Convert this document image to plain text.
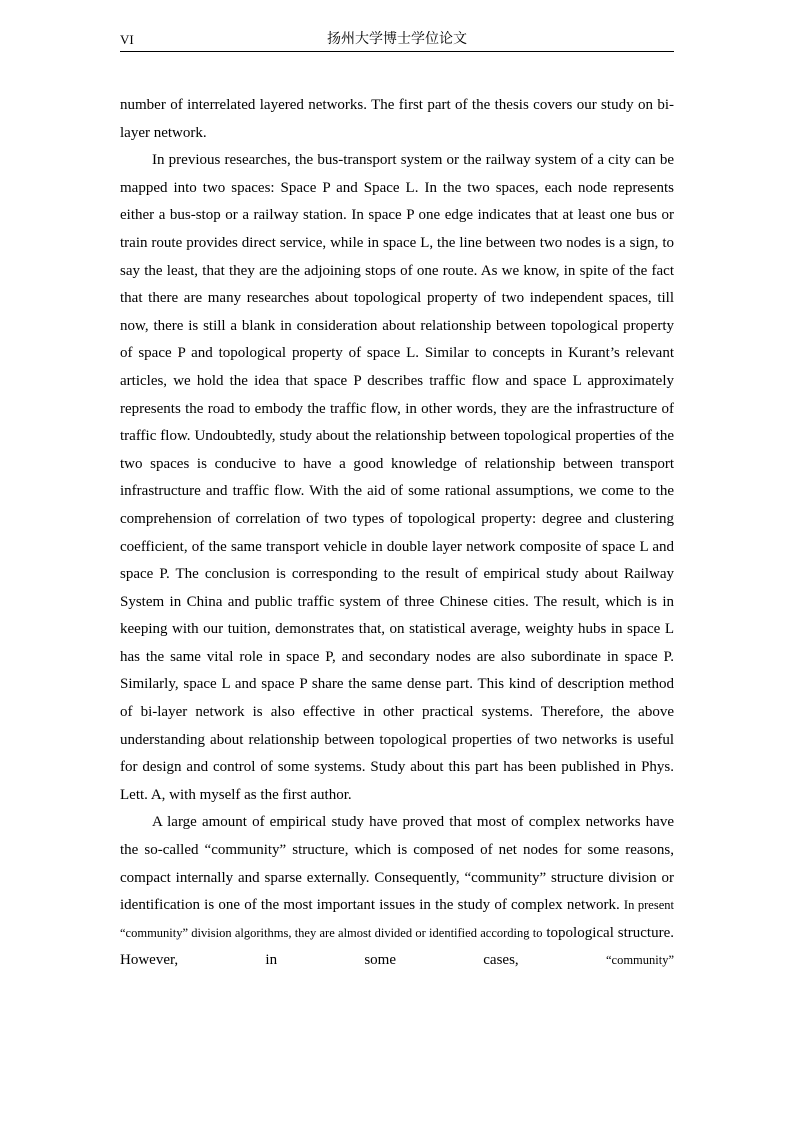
VI	扬州大学博士学位论文

number of interrelated layered networks. The first part of the thesis covers our study on bi-layer network.

In previous researches, the bus-transport system or the railway system of a city can be mapped into two spaces: Space P and Space L. In the two spaces, each node represents either a bus-stop or a railway station. In space P one edge indicates that at least one bus or train route provides direct service, while in space L, the line between two nodes is a sign, to say the least, that they are the adjoining stops of one route. As we know, in spite of the fact that there are many researches about topological property of two independent spaces, till now, there is still a blank in consideration about relationship between topological property of space P and topological property of space L. Similar to concepts in Kurant’s relevant articles, we hold the idea that space P describes traffic flow and space L approximately represents the road to embody the traffic flow, in other words, they are the infrastructure of traffic flow. Undoubtedly, study about the relationship between topological properties of the two spaces is conducive to have a good knowledge of relationship between transport infrastructure and traffic flow. With the aid of some rational assumptions, we come to the comprehension of correlation of two types of topological property: degree and clustering coefficient, of the same transport vehicle in double layer network composite of space L and space P. The conclusion is corresponding to the result of empirical study about Railway System in China and public traffic system of three Chinese cities. The result, which is in keeping with our tuition, demonstrates that, on statistical average, weighty hubs in space L has the same vital role in space P, and secondary nodes are also subordinate in space P. Similarly, space L and space P share the same dense part. This kind of description method of bi-layer network is also effective in other practical systems. Therefore, the above understanding about relationship between topological properties of two networks is useful for design and control of some systems. Study about this part has been published in Phys. Lett. A, with myself as the first author.

A large amount of empirical study have proved that most of complex networks have the so-called “community” structure, which is composed of net nodes for some reasons, compact internally and sparse externally. Consequently, “community” structure division or identification is one of the most important issues in the study of complex network. In present “community” division algorithms, they are almost divided or identified according to topological structure. However, in some cases,	“community”
